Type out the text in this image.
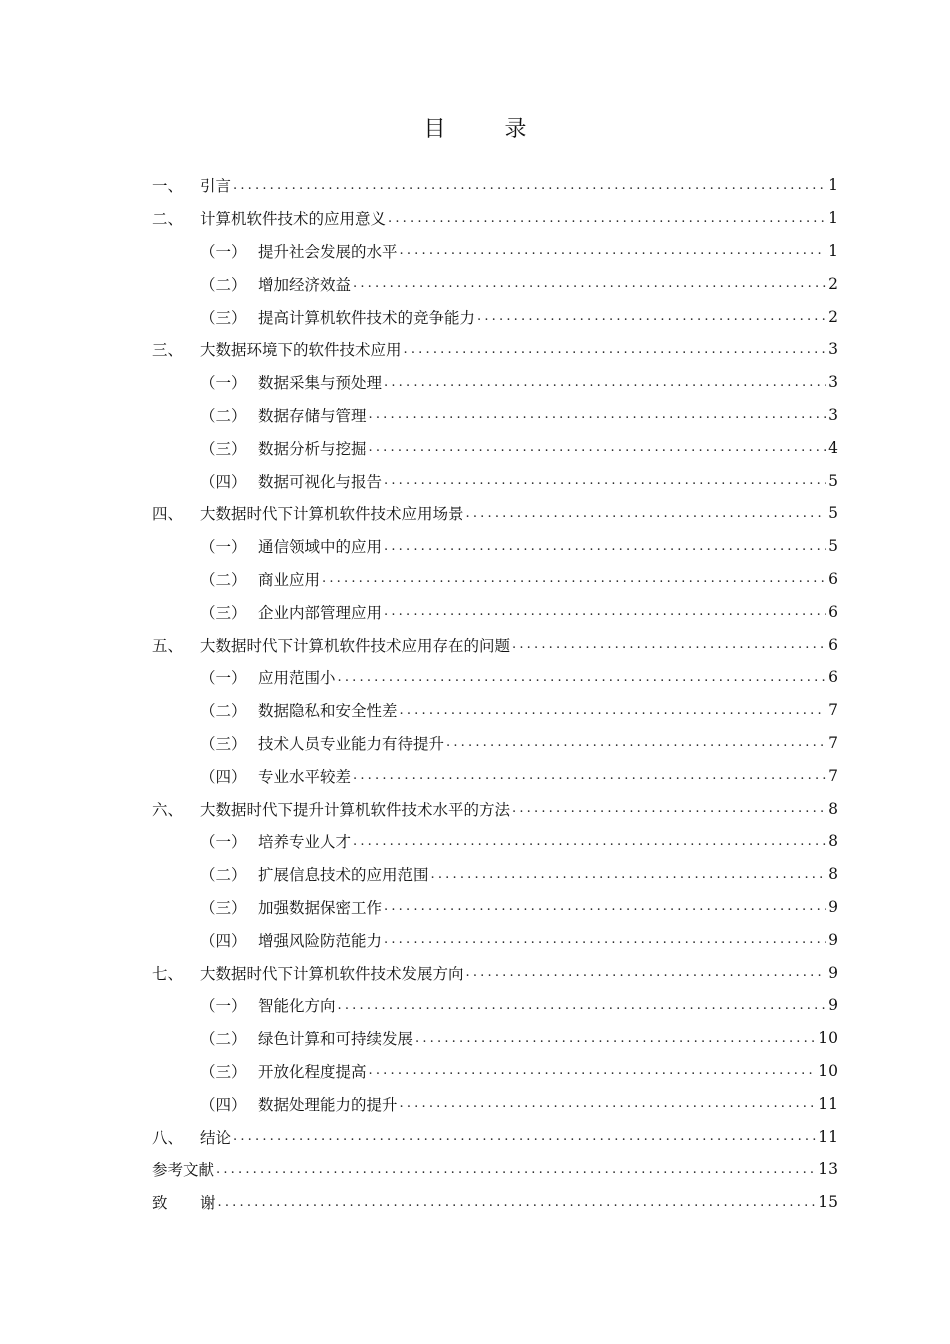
目 录
一、	引言 .....	1
二、	计算机软件技术的应用意义 .....	1
（一） 提升社会发展的水平 .....	1
（二） 增加经济效益 .....	2
（三） 提高计算机软件技术的竞争能力 .....	2
三、	大数据环境下的软件技术应用 .....	3
（一） 数据采集与预处理 .....	3
（二） 数据存储与管理 .....	3
（三） 数据分析与挖掘 .....	4
（四） 数据可视化与报告 .....	5
四、	大数据时代下计算机软件技术应用场景 .....	5
（一） 通信领域中的应用 .....	5
（二） 商业应用 .....	6
（三） 企业内部管理应用 .....	6
五、	大数据时代下计算机软件技术应用存在的问题 .....	6
（一） 应用范围小 .....	6
（二） 数据隐私和安全性差 .....	7
（三） 技术人员专业能力有待提升 .....	7
（四） 专业水平较差 .....	7
六、	大数据时代下提升计算机软件技术水平的方法 .....	8
（一） 培养专业人才 .....	8
（二） 扩展信息技术的应用范围 .....	8
（三） 加强数据保密工作 .....	9
（四） 增强风险防范能力 .....	9
七、	大数据时代下计算机软件技术发展方向 .....	9
（一） 智能化方向 .....	9
（二） 绿色计算和可持续发展 .....	10
（三） 开放化程度提高 .....	10
（四） 数据处理能力的提升 .....	11
八、	结论 .....	11
参考文献 .....	13
致	谢 .....	15
